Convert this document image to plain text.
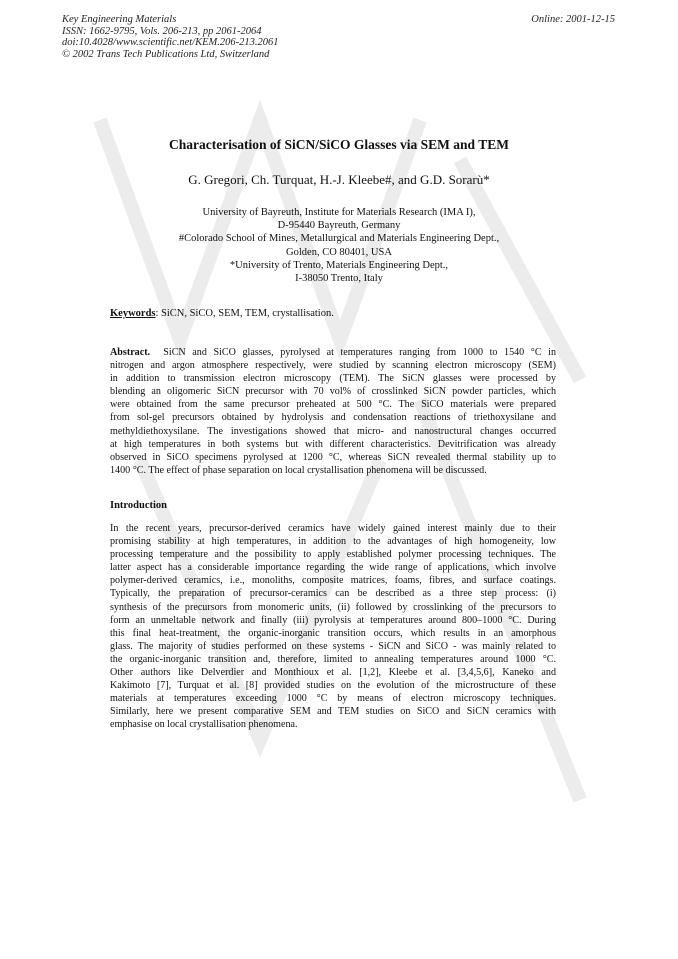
Key Engineering Materials
ISSN: 1662-9795, Vols. 206-213, pp 2061-2064
doi:10.4028/www.scientific.net/KEM.206-213.2061
© 2002 Trans Tech Publications Ltd, Switzerland
Online: 2001-12-15
Characterisation of SiCN/SiCO Glasses via SEM and TEM
G. Gregori, Ch. Turquat, H.-J. Kleebe#, and G.D. Sorarù*
University of Bayreuth, Institute for Materials Research (IMA I),
D-95440 Bayreuth, Germany
#Colorado School of Mines, Metallurgical and Materials Engineering Dept.,
Golden, CO 80401, USA
*University of Trento, Materials Engineering Dept.,
I-38050 Trento, Italy
Keywords: SiCN, SiCO, SEM, TEM, crystallisation.
Abstract. SiCN and SiCO glasses, pyrolysed at temperatures ranging from 1000 to 1540 °C in
nitrogen and argon atmosphere respectively, were studied by scanning electron microscopy (SEM)
in addition to transmission electron microscopy (TEM). The SiCN glasses were processed by
blending an oligomeric SiCN precursor with 70 vol% of crosslinked SiCN powder particles, which
were obtained from the same precursor preheated at 500 °C. The SiCO materials were prepared
from sol-gel precursors obtained by hydrolysis and condensation reactions of triethoxysilane and
methyldiethoxysilane. The investigations showed that micro- and nanostructural changes occurred
at high temperatures in both systems but with different characteristics. Devitrification was already
observed in SiCO specimens pyrolysed at 1200 °C, whereas SiCN revealed thermal stability up to
1400 °C. The effect of phase separation on local crystallisation phenomena will be discussed.
Introduction
In the recent years, precursor-derived ceramics have widely gained interest mainly due to their
promising stability at high temperatures, in addition to the advantages of high homogeneity, low
processing temperature and the possibility to apply established polymer processing techniques. The
latter aspect has a considerable importance regarding the wide range of applications, which involve
polymer-derived ceramics, i.e., monoliths, composite matrices, foams, fibres, and surface coatings.
Typically, the preparation of precursor-ceramics can be described as a three step process: (i)
synthesis of the precursors from monomeric units, (ii) followed by crosslinking of the precursors to
form an unmeltable network and finally (iii) pyrolysis at temperatures around 800–1000 °C. During
this final heat-treatment, the organic-inorganic transition occurs, which results in an amorphous
glass. The majority of studies performed on these systems - SiCN and SiCO - was mainly related to
the organic-inorganic transition and, therefore, limited to annealing temperatures around 1000 °C.
Other authors like Delverdier and Monthioux et al. [1,2], Kleebe et al. [3,4,5,6], Kaneko and
Kakimoto [7], Turquat et al. [8] provided studies on the evolution of the microstructure of these
materials at temperatures exceeding 1000 °C by means of electron microscopy techniques.
Similarly, here we present comparative SEM and TEM studies on SiCO and SiCN ceramics with
emphasise on local crystallisation phenomena.
